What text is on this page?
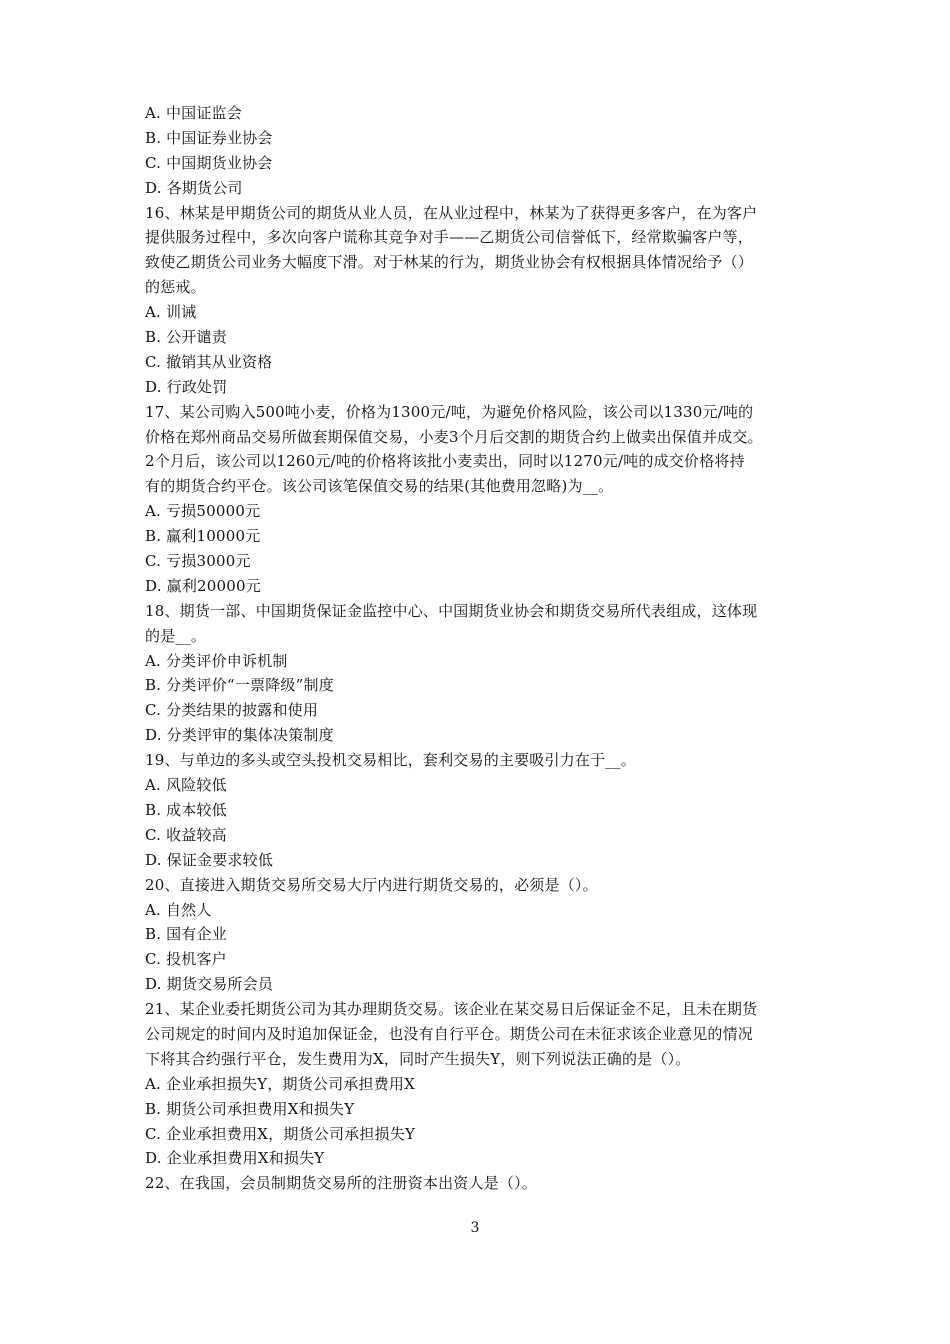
A. 中国证监会
B. 中国证券业协会
C. 中国期货业协会
D. 各期货公司
16、林某是甲期货公司的期货从业人员，在从业过程中，林某为了获得更多客户，在为客户
提供服务过程中，多次向客户谎称其竞争对手——乙期货公司信誉低下，经常欺骗客户等，
致使乙期货公司业务大幅度下滑。对于林某的行为，期货业协会有权根据具体情况给予（）
的惩戒。
A. 训诫
B. 公开谴责
C. 撤销其从业资格
D. 行政处罚
17、某公司购入500吨小麦，价格为1300元/吨，为避免价格风险，该公司以1330元/吨的
价格在郑州商品交易所做套期保值交易，小麦3个月后交割的期货合约上做卖出保值并成交。
2个月后，该公司以1260元/吨的价格将该批小麦卖出，同时以1270元/吨的成交价格将持
有的期货合约平仓。该公司该笔保值交易的结果(其他费用忽略)为__。
A. 亏损50000元
B. 赢利10000元
C. 亏损3000元
D. 赢利20000元
18、期货一部、中国期货保证金监控中心、中国期货业协会和期货交易所代表组成，这体现
的是__。
A. 分类评价申诉机制
B. 分类评价“一票降级”制度
C. 分类结果的披露和使用
D. 分类评审的集体决策制度
19、与单边的多头或空头投机交易相比，套利交易的主要吸引力在于__。
A. 风险较低
B. 成本较低
C. 收益较高
D. 保证金要求较低
20、直接进入期货交易所交易大厅内进行期货交易的，必须是（）。
A. 自然人
B. 国有企业
C. 投机客户
D. 期货交易所会员
21、某企业委托期货公司为其办理期货交易。该企业在某交易日后保证金不足，且未在期货
公司规定的时间内及时追加保证金，也没有自行平仓。期货公司在未征求该企业意见的情况
下将其合约强行平仓，发生费用为X，同时产生损失Y，则下列说法正确的是（）。
A. 企业承担损失Y，期货公司承担费用X
B. 期货公司承担费用X和损失Y
C. 企业承担费用X，期货公司承担损失Y
D. 企业承担费用X和损失Y
22、在我国，会员制期货交易所的注册资本出资人是（）。
3
